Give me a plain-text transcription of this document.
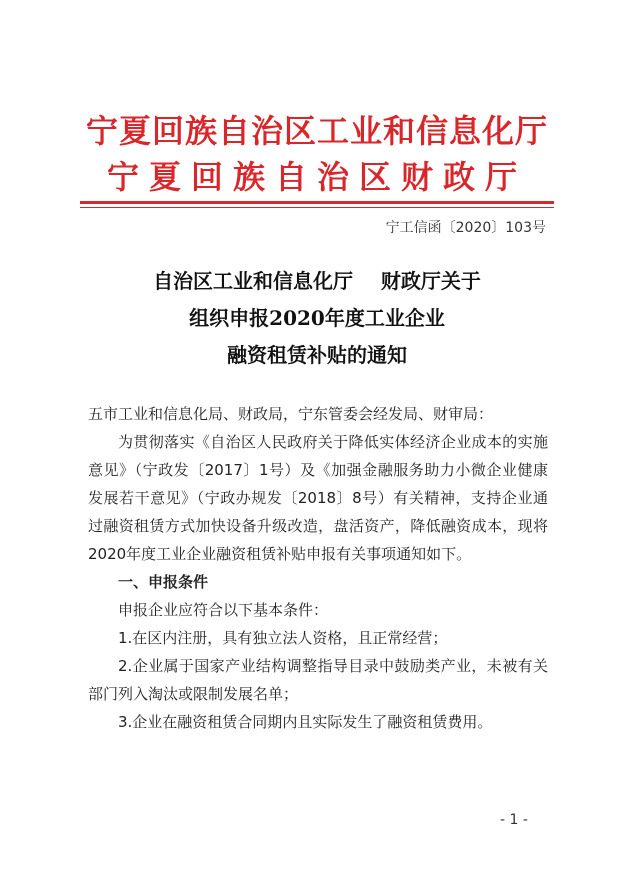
宁夏回族自治区工业和信息化厅
宁夏回族自治区财政厅
宁工信函〔2020〕103号
自治区工业和信息化厅    财政厅关于
组织申报2020年度工业企业
融资租赁补贴的通知

五市工业和信息化局、财政局，宁东管委会经发局、财审局：

为贯彻落实《自治区人民政府关于降低实体经济企业成本的实施意见》（宁政发〔2017〕1号）及《加强金融服务助力小微企业健康发展若干意见》（宁政办规发〔2018〕8号）有关精神，支持企业通过融资租赁方式加快设备升级改造，盘活资产，降低融资成本，现将2020年度工业企业融资租赁补贴申报有关事项通知如下。

一、申报条件

申报企业应符合以下基本条件：

1.在区内注册，具有独立法人资格，且正常经营；

2.企业属于国家产业结构调整指导目录中鼓励类产业，未被有关部门列入淘汰或限制发展名单；

3.企业在融资租赁合同期内且实际发生了融资租赁费用。

- 1 -
